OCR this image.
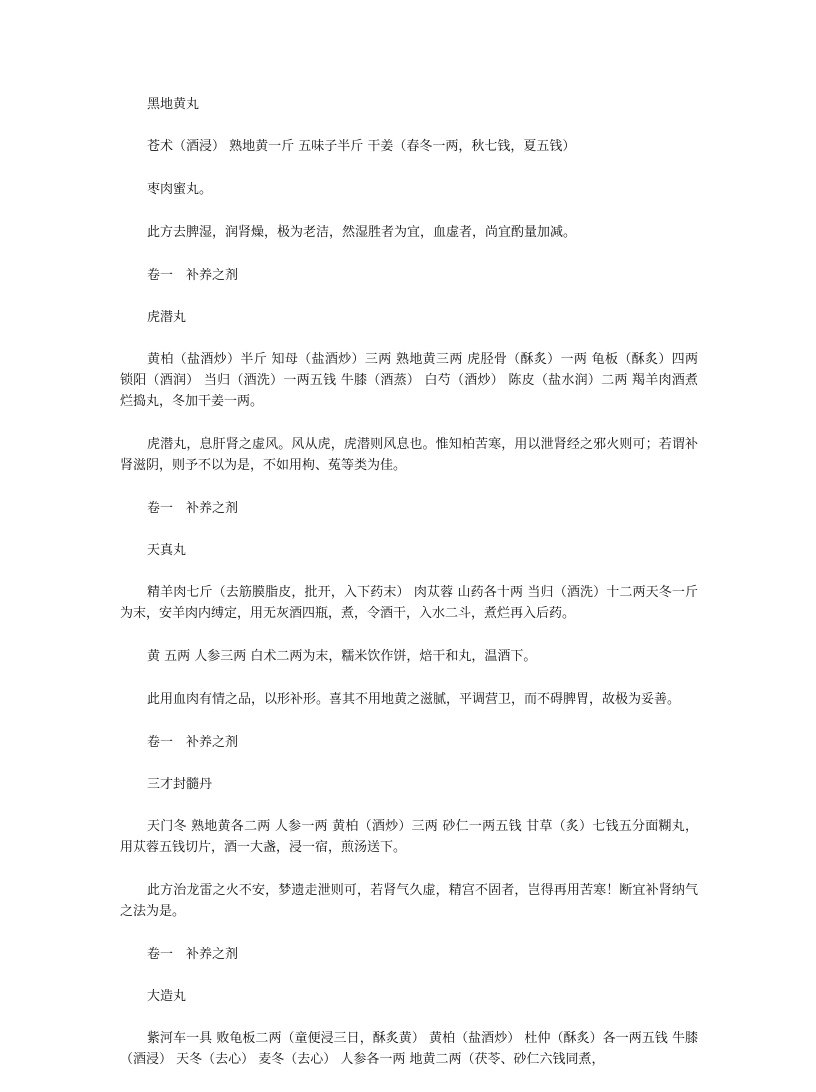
黑地黄丸

苍术（酒浸） 熟地黄一斤 五味子半斤 干姜（春冬一两，秋七钱，夏五钱）

枣肉蜜丸。

此方去脾湿，润肾燥，极为老洁，然湿胜者为宜，血虚者，尚宜酌量加减。

卷一　补养之剂

虎潜丸

黄柏（盐酒炒）半斤 知母（盐酒炒）三两 熟地黄三两 虎胫骨（酥炙）一两 龟板（酥炙）四两 锁阳（酒润） 当归（酒洗）一两五钱 牛膝（酒蒸） 白芍（酒炒） 陈皮（盐水润）二两 羯羊肉酒煮烂捣丸，冬加干姜一两。

虎潜丸，息肝肾之虚风。风从虎，虎潜则风息也。惟知柏苦寒，用以泄肾经之邪火则可；若谓补肾滋阴，则予不以为是，不如用枸、菟等类为佳。

卷一　补养之剂

天真丸

精羊肉七斤（去筋膜脂皮，批开，入下药末） 肉苁蓉 山药各十两 当归（酒洗）十二两天冬一斤为末，安羊肉内缚定，用无灰酒四瓶，煮，令酒干，入水二斗，煮烂再入后药。

黄 五两 人参三两 白术二两为末，糯米饮作饼，焙干和丸，温酒下。

此用血肉有情之品，以形补形。喜其不用地黄之滋腻，平调营卫，而不碍脾胃，故极为妥善。

卷一　补养之剂

三才封髓丹

天门冬 熟地黄各二两 人参一两 黄柏（酒炒）三两 砂仁一两五钱 甘草（炙）七钱五分面糊丸，用苁蓉五钱切片，酒一大盏，浸一宿，煎汤送下。

此方治龙雷之火不安，梦遗走泄则可，若肾气久虚，精宫不固者，岂得再用苦寒！断宜补肾纳气之法为是。

卷一　补养之剂

大造丸

紫河车一具 败龟板二两（童便浸三日，酥炙黄） 黄柏（盐酒炒） 杜仲（酥炙）各一两五钱 牛膝（酒浸） 天冬（去心） 麦冬（去心） 人参各一两 地黄二两（茯苓、砂仁六钱同煮，
